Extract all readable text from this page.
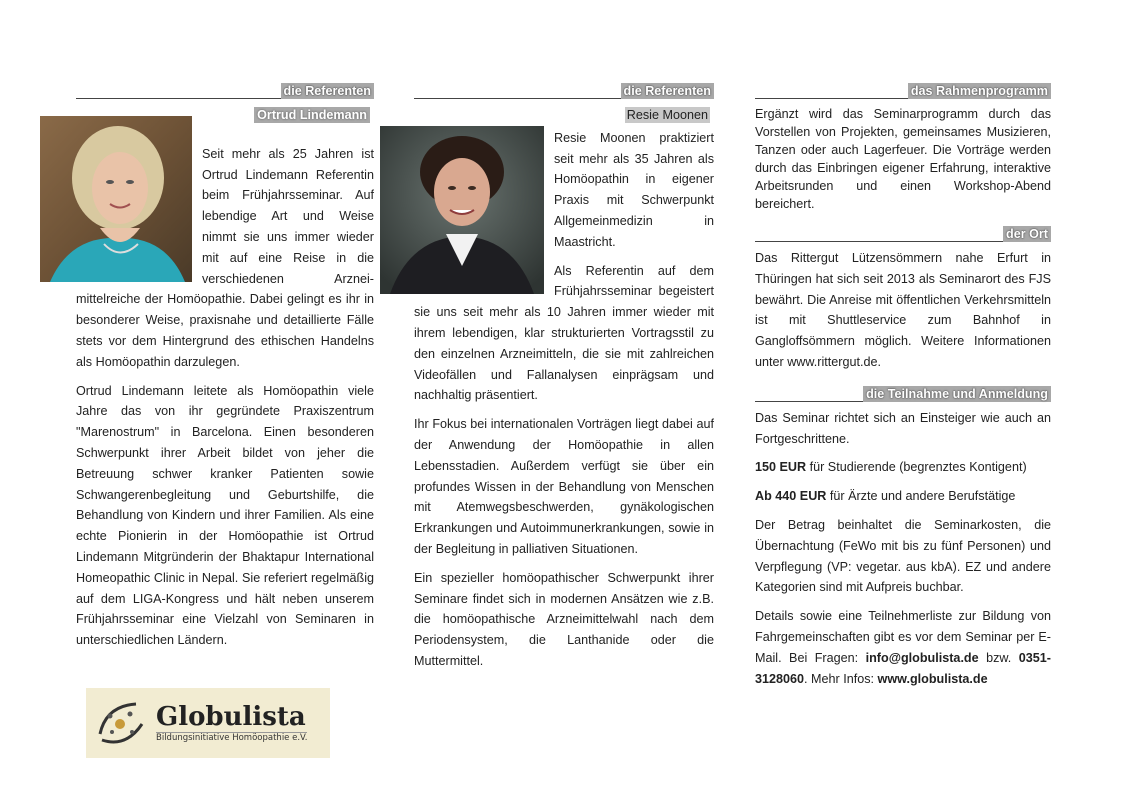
die Referenten
Ortrud Lindemann

Seit mehr als 25 Jahren ist Ortrud Lindemann Referentin beim Frühjahrsseminar. Auf lebendige Art und Weise nimmt sie uns immer wieder mit auf eine Reise in die verschiedenen Arzneimittelreiche der Homöopathie. Dabei gelingt es ihr in besonderer Weise, praxisnahe und detaillierte Fälle stets vor dem Hintergrund des ethischen Handelns als Homöopathin darzulegen.

Ortrud Lindemann leitete als Homöopathin viele Jahre das von ihr gegründete Praxiszentrum "Marenostrum" in Barcelona. Einen besonderen Schwerpunkt ihrer Arbeit bildet von jeher die Betreuung schwer kranker Patienten sowie Schwangerenbegleitung und Geburtshilfe, die Behandlung von Kindern und ihrer Familien. Als eine echte Pionierin in der Homöopathie ist Ortrud Lindemann Mitgründerin der Bhaktapur International Homeopathic Clinic in Nepal. Sie referiert regelmäßig auf dem LIGA-Kongress und hält neben unserem Frühjahrsseminar eine Vielzahl von Seminaren in unterschiedlichen Ländern.

die Referenten
Resie Moonen

Resie Moonen praktiziert seit mehr als 35 Jahren als Homöopathin in eigener Praxis mit Schwerpunkt Allgemeinmedizin in Maastricht.

Als Referentin auf dem Frühjahrsseminar begeistert sie uns seit mehr als 10 Jahren immer wieder mit ihrem lebendigen, klar strukturierten Vortragsstil zu den einzelnen Arzneimitteln, die sie mit zahlreichen Videofällen und Fallanalysen einprägsam und nachhaltig präsentiert.

Ihr Fokus bei internationalen Vorträgen liegt dabei auf der Anwendung der Homöopathie in allen Lebensstadien. Außerdem verfügt sie über ein profundes Wissen in der Behandlung von Menschen mit Atemwegsbeschwerden, gynäkologischen Erkrankungen und Autoimmunerkrankungen, sowie in der Begleitung in palliativen Situationen.

Ein spezieller homöopathischer Schwerpunkt ihrer Seminare findet sich in modernen Ansätzen wie z.B. die homöopathische Arzneimittelwahl nach dem Periodensystem, die Lanthanide oder die Muttermittel.

das Rahmenprogramm

Ergänzt wird das Seminarprogramm durch das Vorstellen von Projekten, gemeinsames Musizieren, Tanzen oder auch Lagerfeuer. Die Vorträge werden durch das Einbringen eigener Erfahrung, interaktive Arbeitsrunden und einen Workshop-Abend bereichert.

der Ort

Das Rittergut Lützensömmern nahe Erfurt in Thüringen hat sich seit 2013 als Seminarort des FJS bewährt. Die Anreise mit öffentlichen Verkehrsmitteln ist mit Shuttleservice zum Bahnhof in Gangloffsömmern möglich. Weitere Informationen unter www.rittergut.de.

die Teilnahme und Anmeldung

Das Seminar richtet sich an Einsteiger wie auch an Fortgeschrittene.

150 EUR für Studierende (begrenztes Kontigent)

Ab 440 EUR für Ärzte und andere Berufstätige

Der Betrag beinhaltet die Seminarkosten, die Übernachtung (FeWo mit bis zu fünf Personen) und Verpflegung (VP: vegetar. aus kbA). EZ und andere Kategorien sind mit Aufpreis buchbar.

Details sowie eine Teilnehmerliste zur Bildung von Fahrgemeinschaften gibt es vor dem Seminar per E-Mail. Bei Fragen: info@globulista.de bzw. 0351-3128060. Mehr Infos: www.globulista.de

Globulista
Bildungsinitiative Homöopathie e.V.
